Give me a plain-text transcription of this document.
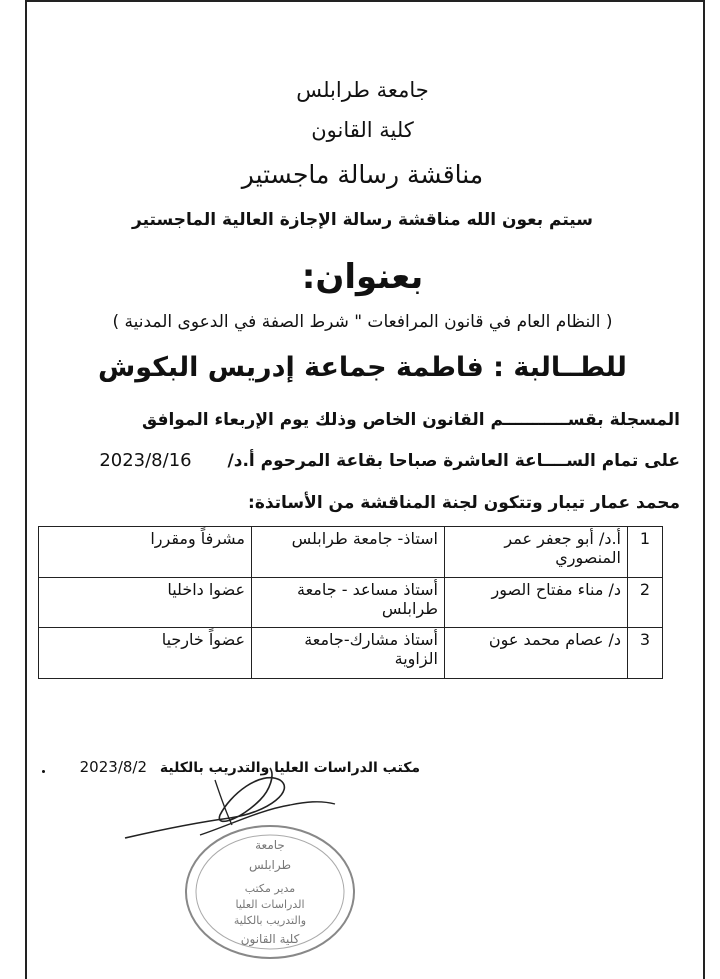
جامعة طرابلس
كلية القانون
مناقشة رسالة ماجستير
سيتم بعون الله مناقشة رسالة الإجازة العالية الماجستير
بعنوان:
( النظام العام في قانون المرافعات " شرط الصفة في الدعوى المدنية )
للطــالبة : فاطمة جماعة إدريس البكوش
المسجلة بقســـــــــــم القانون الخاص وذلك يوم الإربعاء الموافق
على تمام الســــاعة العاشرة صباحا بقاعة المرحوم أ.د/ 2023/8/16
محمد عمار تيبار وتتكون لجنة المناقشة من الأساتذة:
1	أ.د/ أبو جعفر عمر المنصوري	استاذ- جامعة طرابلس	مشرفاً ومقررا
2	د/ مناء مفتاح الصور	أستاذ مساعد - جامعة طرابلس	عضوا داخليا
3	د/ عصام محمد عون	أستاذ مشارك-جامعة الزاوية	عضواً خارجيا
مكتب الدراسات العليا والتدريب بالكلية 2023/8/2
جامعة
طرابلس
مدير مكتب
الدراسات العليا
والتدريب بالكلية
كلية القانون
